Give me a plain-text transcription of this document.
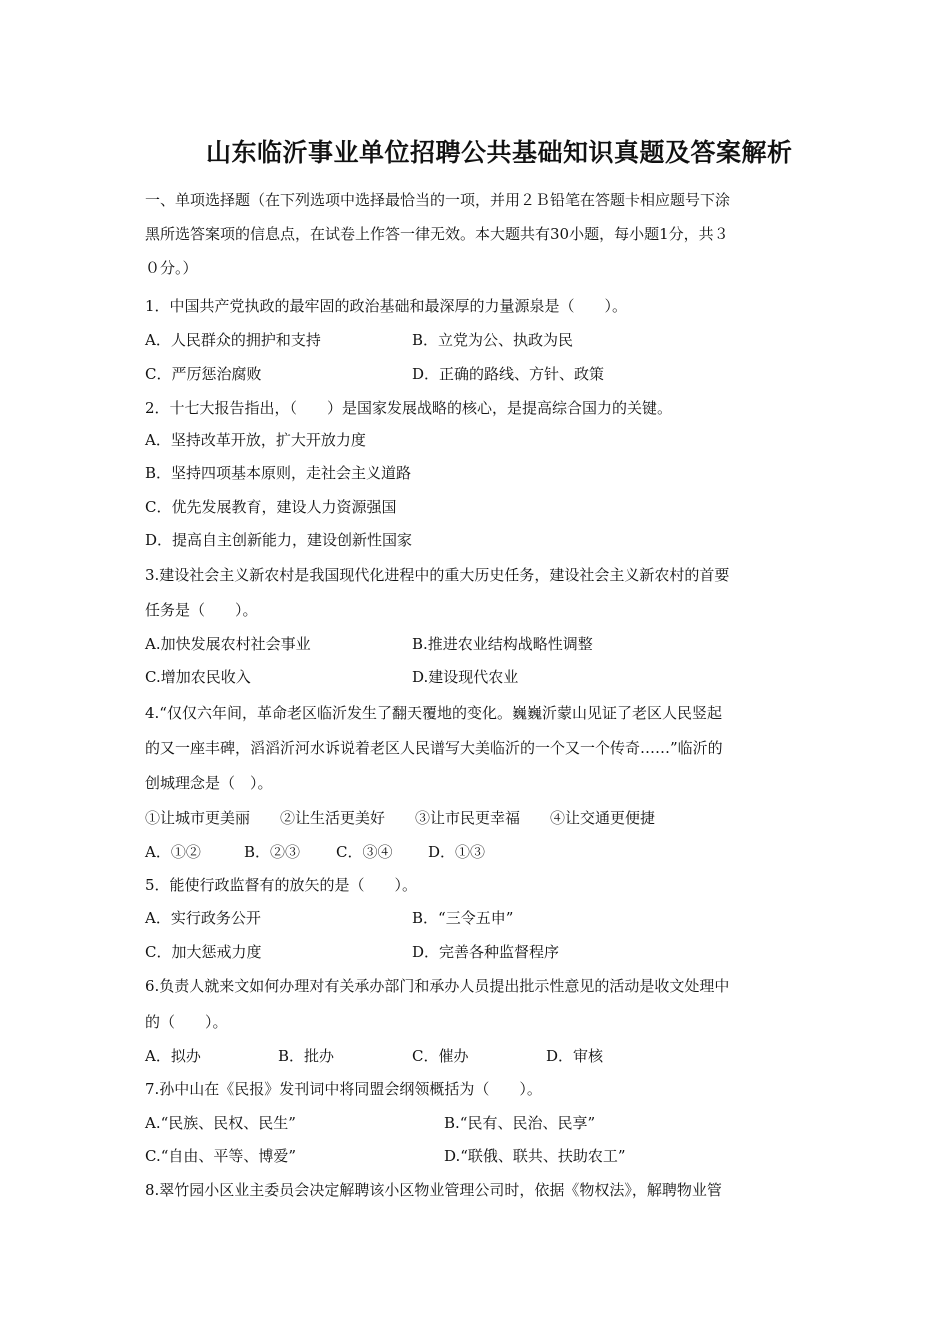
山东临沂事业单位招聘公共基础知识真题及答案解析
一、单项选择题（在下列选项中选择最恰当的一项，并用２Ｂ铅笔在答题卡相应题号下涂
黑所选答案项的信息点，在试卷上作答一律无效。本大题共有30小题，每小题1分，共３
０分。）
1．中国共产党执政的最牢固的政治基础和最深厚的力量源泉是（　　）。
A．人民群众的拥护和支持	B．立党为公、执政为民
C．严厉惩治腐败	D．正确的路线、方针、政策
2．十七大报告指出，（　　）是国家发展战略的核心，是提高综合国力的关键。
A．坚持改革开放，扩大开放力度
B．坚持四项基本原则，走社会主义道路
C．优先发展教育，建设人力资源强国
D．提高自主创新能力，建设创新性国家
3.建设社会主义新农村是我国现代化进程中的重大历史任务，建设社会主义新农村的首要
任务是（　　）。
A.加快发展农村社会事业	B.推进农业结构战略性调整
C.增加农民收入	D.建设现代农业
4.“仅仅六年间，革命老区临沂发生了翻天覆地的变化。巍巍沂蒙山见证了老区人民竖起
的又一座丰碑，滔滔沂河水诉说着老区人民谱写大美临沂的一个又一个传奇……”临沂的
创城理念是（　）。
①让城市更美丽　　②让生活更美好　　③让市民更幸福　　④让交通更便捷
A．①②	B．②③ C．③④ D．①③
5．能使行政监督有的放矢的是（　　）。
A．实行政务公开	B．“三令五申”
C．加大惩戒力度	D．完善各种监督程序
6.负责人就来文如何办理对有关承办部门和承办人员提出批示性意见的活动是收文处理中
的（　　）。
A．拟办	B．批办	C．催办	D．审核
7.孙中山在《民报》发刊词中将同盟会纲领概括为（　　）。
A.“民族、民权、民生”	B.“民有、民治、民享”
C.“自由、平等、博爱”	D.“联俄、联共、扶助农工”
8.翠竹园小区业主委员会决定解聘该小区物业管理公司时，依据《物权法》，解聘物业管
